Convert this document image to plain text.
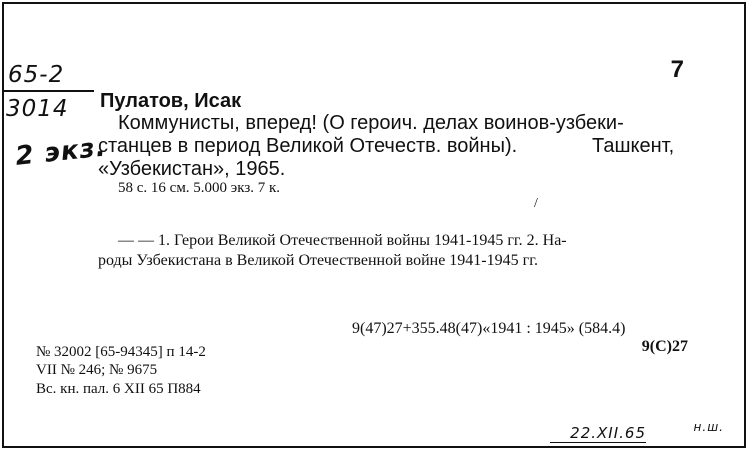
65-2
3014
2 экз.
7
Пулатов, Исак
Коммунисты, вперед! (О героич. делах воинов-узбеки-
станцев в период Великой Отечеств. войны).	Ташкент,
«Узбекистан», 1965.
58 с. 16 см. 5.000 экз. 7 к.
/
— — 1. Герои Великой Отечественной войны 1941-1945 гг. 2. На-
роды Узбекистана в Великой Отечественной войне 1941-1945 гг.
9(47)27+355.48(47)«1941 : 1945» (584.4)
9(C)27
№ 32002 [65-94345] п 14-2
VII № 246; № 9675
Вс. кн. пал. 6 XII 65 П884
22.XII.65	н.ш.
